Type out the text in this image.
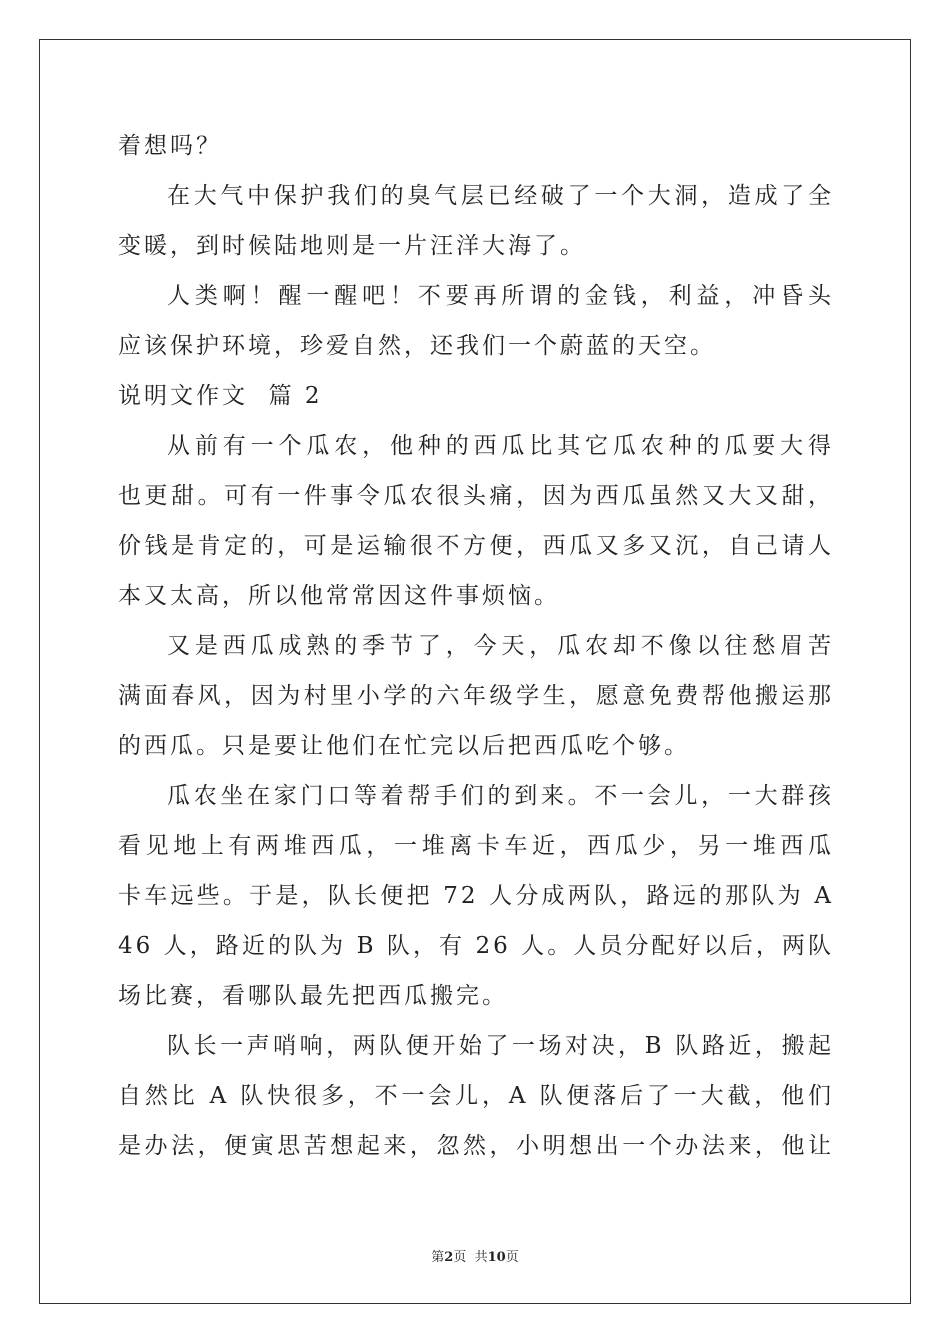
着想吗？
在大气中保护我们的臭气层已经破了一个大洞，造成了全
变暖，到时候陆地则是一片汪洋大海了。
人类啊！醒一醒吧！不要再所谓的金钱，利益，冲昏头
应该保护环境，珍爱自然，还我们一个蔚蓝的天空。
说明文作文  篇 2
从前有一个瓜农，他种的西瓜比其它瓜农种的瓜要大得
也更甜。可有一件事令瓜农很头痛，因为西瓜虽然又大又甜，
价钱是肯定的，可是运输很不方便，西瓜又多又沉，自己请人
本又太高，所以他常常因这件事烦恼。
又是西瓜成熟的季节了，今天，瓜农却不像以往愁眉苦
满面春风，因为村里小学的六年级学生，愿意免费帮他搬运那
的西瓜。只是要让他们在忙完以后把西瓜吃个够。
瓜农坐在家门口等着帮手们的到来。不一会儿，一大群孩
看见地上有两堆西瓜，一堆离卡车近，西瓜少，另一堆西瓜
卡车远些。于是，队长便把 72 人分成两队，路远的那队为 A
46 人，路近的队为 B 队，有 26 人。人员分配好以后，两队
场比赛，看哪队最先把西瓜搬完。
队长一声哨响，两队便开始了一场对决，B 队路近，搬起
自然比 A 队快很多，不一会儿，A 队便落后了一大截，他们
是办法，便寅思苦想起来，忽然，小明想出一个办法来，他让
第2页  共10页
